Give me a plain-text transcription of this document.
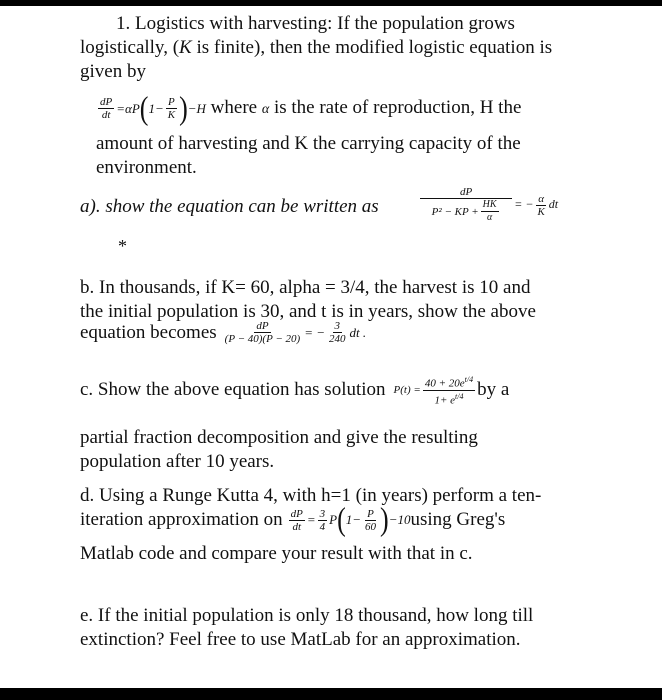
1. Logistics with harvesting: If the population grows
logistically, (K is finite), then the modified logistic equation is
given by
$\frac{dP}{dt} =\alpha P(1- \frac{P}{K} )-H$ where α is the rate of reproduction, H the
amount of harvesting and K the carrying capacity of the
environment.
a). show the equation can be written as	$\frac{dP}{P^2 - KP + \frac{HK}{\alpha}}$ = − $\frac{\alpha}{K}$ dt
*
b. In thousands, if K= 60, alpha = 3/4, the harvest is 10 and
the initial population is 30, and t is in years, show the above
equation becomes $\frac{dP}{(P - 40)(P - 20)}$ = − $\frac{3}{240}$ dt .
c. Show the above equation has solution $P(t) = \frac{40 + 20e^{t/4}}{1+ e^{t/4}}$ by a
partial fraction decomposition and give the resulting
population after 10 years.
d. Using a Runge Kutta 4, with h=1 (in years) perform a ten-
iteration approximation on $\frac{dP}{dt} = \frac{3}{4}$ P ( $1- \frac{P}{60}$ ) −10 using Greg's
Matlab code and compare your result with that in c.
e. If the initial population is only 18 thousand, how long till
extinction? Feel free to use MatLab for an approximation.
